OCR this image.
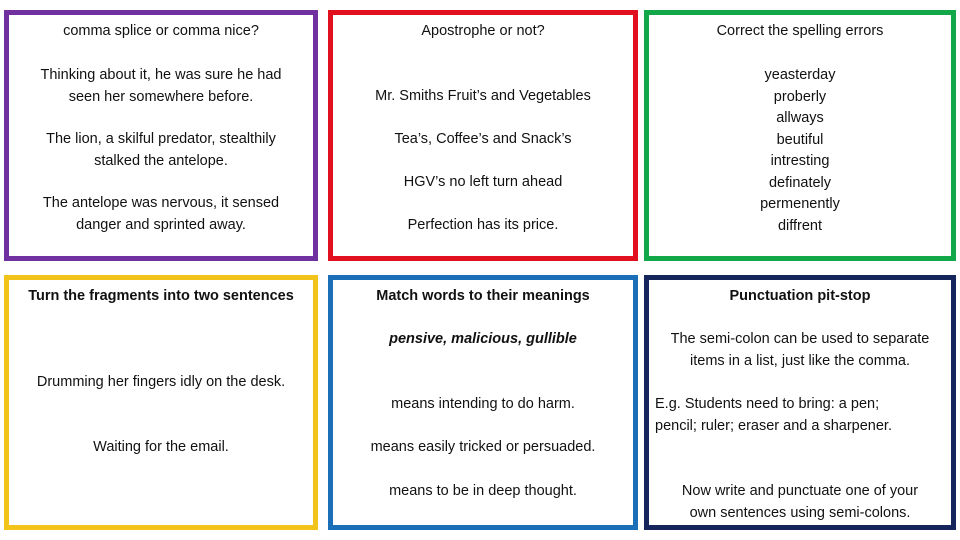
comma splice or comma nice?
Thinking about it, he was sure he had
seen her somewhere before.
The lion, a skilful predator, stealthily
stalked the antelope.
The antelope was nervous, it sensed
danger and sprinted away.
Apostrophe or not?
Mr. Smiths Fruit’s and Vegetables
Tea’s, Coffee’s and Snack’s
HGV’s no left turn ahead
Perfection has its price.
Correct the spelling errors
yeasterday
proberly
allways
beutiful
intresting
definately
permenently
diffrent
Turn the fragments into two sentences
Drumming her fingers idly on the desk.
Waiting for the email.
Match words to their meanings
pensive, malicious, gullible
means intending to do harm.
means easily tricked or persuaded.
means to be in deep thought.
Punctuation pit-stop
The semi-colon can be used to separate
items in a list, just like the comma.
E.g. Students need to bring: a pen;
pencil; ruler; eraser and a sharpener.
Now write and punctuate one of your
own sentences using semi-colons.
